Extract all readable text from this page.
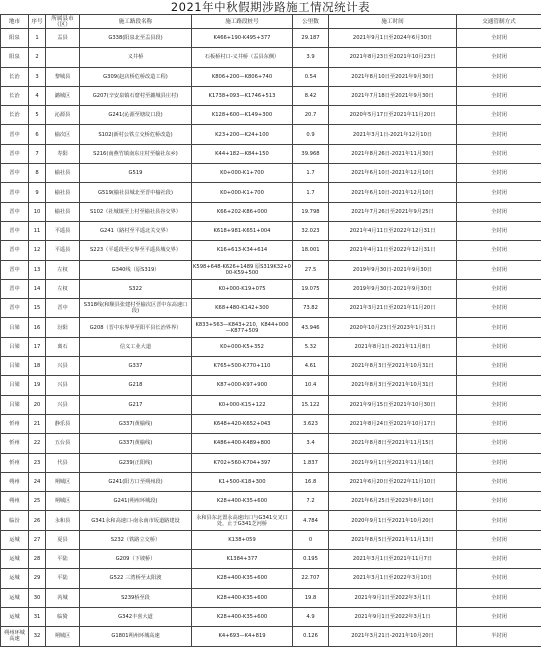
2021年中秋假期涉路施工情况统计表
地市	序号	所属县市（区）	施工路段名称	施工路段桩号	公里数	施工时间	交通管制方式
阳泉	1	盂县	G338(阳泉北至盂县段)	K466+190-K495+377	29.187	2021年9月1日至2024年6月30日	全封闭
阳泉	2		义井桥	石板桥村口-义井桥（盂县东侧）	3.9	2021年8月23日至2021年10月23日	全封闭
长治	3	黎城县	G309(赵店桥危桥改造工程)	K806+200—K806+740	0.54	2021年8月10日至2021年9月30日	全封闭
长治	4	潞城区	G207(辛安泉镇石窟村至潞城县庄村)	K1738+093—K1746+513	8.42	2021年7月18日至2021年9月30日	全封闭
长治	5	沁源县	G241(沁源至塘坟口段)	K128+600—K149+300	20.7	2020年5月17日至2021年11月20日	全封闭
晋中	6	榆次区	S102(新村公铁立交桥危桥改造)	K23+200—K24+100	0.9	2021年3月1日-2021年12月10日	全封闭
晋中	7	寿阳	S216(南燕竹镇南东庄村至榆社东乡)	K44+182—K84+150	39.968	2021年8月26日-2021年11月30日	全封闭
晋中	8	榆社县	G519	K0+000-K1+700	1.7	2021年6月10日-2021年12月10日	全封闭
晋中	9	榆社县	G519(榆社县城北至晋中榆社段)	K0+000-K1+700	1.7	2021年6月10日-2021年12月10日	全封闭
晋中	10	榆社县	S102（社城镇至上村至榆社县谷交界）	K66+202-K86+000	19.798	2021年7月26日至2021年9月25日	全封闭
晋中	11	平遥县	G241（路村至平遥北关交界）	K618+981-K651+004	32.023	2021年4月11日至2022年12月31日	全封闭
晋中	12	平遥县	S223（平遥段至交界至平遥县城交界）	K16+613-K34+614	18.001	2021年4月11日至2022年12月31日	全封闭
晋中	13	左权	G340线（原S319）	K598+648-K626+1489 原S319K32+000-K59+500	27.5	2019年9月30日-2021年9月30日	全封闭
晋中	14	左权	S322	K0+000-K19+075	19.075	2019年9月30日-2021年9月30日	全封闭
晋中	15	晋中	S318线(和顺县张建村至榆次区晋中东高速口段)	K68+480-K142+300	73.82	2021年3月21日至2021年11月20日	全封闭
吕梁	16	汾阳	G208（晋中东界界至阳平县长治界界）	K833+563—K843+210，K844+000—K877+509	43.946	2020年10月23日至2023年1月31日	全封闭
吕梁	17	离石	信义工业大道	K0+000-K5+352	5.32	2021年8月1日-2021年11月8日	全封闭
吕梁	18	兴县	G337	K765+500-K770+110	4.61	2021年8月3日至2021年10月31日	全封闭
吕梁	19	兴县	G218	K87+000-K97+900	10.4	2021年8月3日至2021年10月31日	全封闭
吕梁	20	兴县	G217	K0+000-K15+122	15.122	2021年9月15日至2021年10月30日	全封闭
忻州	21	静乐县	G337(黄榆线)	K648+420-K652+043	3.623	2021年8月24日至2021年10月17日	全封闭
忻州	22	五台县	G337(黄榆线)	K486+400-K489+800	3.4	2021年8月8日至2021年11月15日	全封闭
忻州	23	代县	G239(正阳线)	K702+560-K704+397	1.837	2021年9月1日至2021年11月16日	全封闭
朔州	24	朔城区	G241(阳方口至朔州段)	K1+500-K18+300	16.8	2021年6月20日至2022年11月10日	全封闭
朔州	25	朔城区	G241(朔州环城段)	K28+400-K35+600	7.2	2021年6月25日至2023年8月10日	全封闭
临汾	26	永和县	G341永和高速口-南永南市坂道路建设	永和县东北置永高速出口与G341交叉口处，止于G341芝河桥	4.784	2020年9月1日至2021年10月20日	全封闭
运城	27	夏县	S232（铁路立交桥）	K138+059	0	2021年8月5日至2021年11月13日	全封闭
运城	28	平陆	G209（下坡桥）	K1384+377	0.195	2021年3月1日至2021年11月7日	全封闭
运城	29	平陆	G522 三湾桥至太阳渡	K28+400-K35+600	22.707	2021年3月1日至2022年3月10日	全封闭
运城	30	芮城	S239桥至段	K28+400-K35+600	19.8	2021年9月1日至2022年3月1日	全封闭
运城	31	临猗	G342丰喜大道	K28+400-K35+600	4.9	2021年9月1日至2022年3月1日	全封闭
朔州环城高速	32	朔城区	G1801朔州环城高速	K4+693—K4+819	0.126	2021年3月21日-2021年10月20日	半封闭
